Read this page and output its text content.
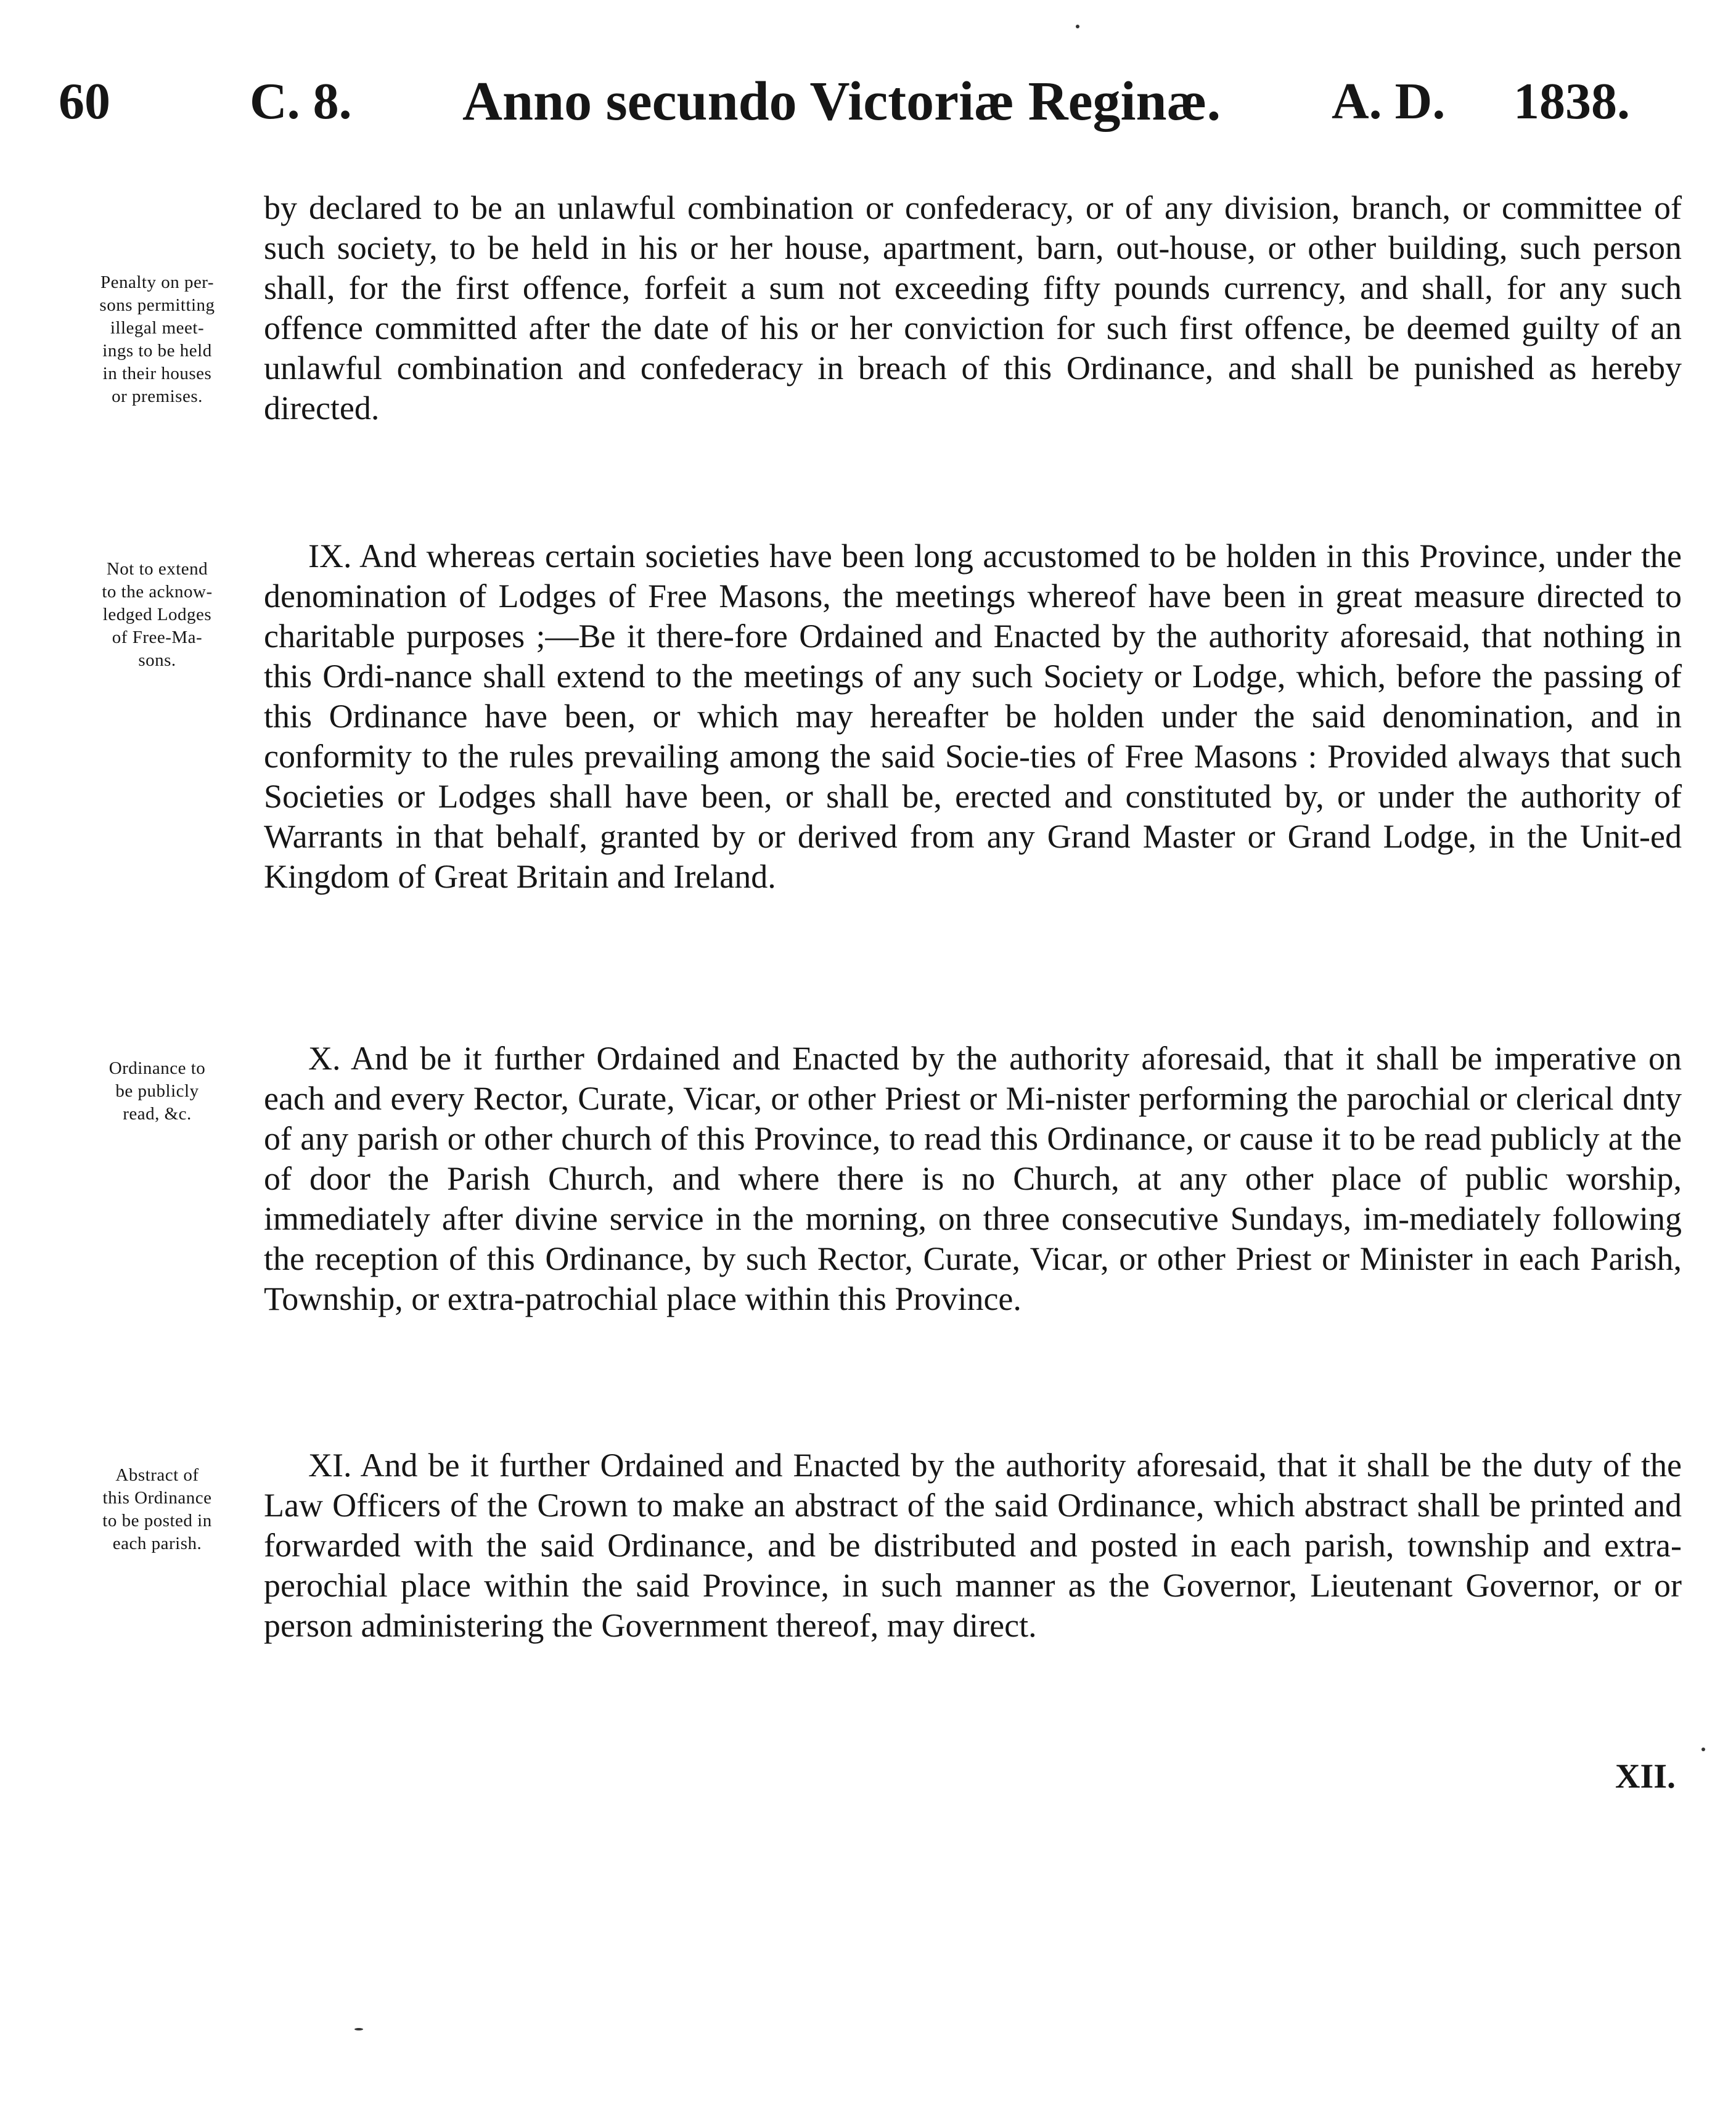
60	C. 8. Anno secundo Victoriæ Reginæ. A. D. 1838.
Penalty on per-
sons permitting
illegal meet-
ings to be held
in their houses
or premises.
Not to extend
to the acknow-
ledged Lodges
of Free-Ma-
sons.
Ordinance to
be publicly
read, &c.
Abstract of
this Ordinance
to be posted in
each parish.
by declared to be an unlawful combination or confederacy, or of any division, branch, or committee of such society, to be held in his or her house, apartment, barn, out-house, or other building, such person shall, for the first offence, forfeit a sum not exceeding fifty pounds currency, and shall, for any such offence committed after the date of his or her conviction for such first offence, be deemed guilty of an unlawful combination and confederacy in breach of this Ordinance, and shall be punished as hereby directed.
IX. And whereas certain societies have been long accustomed to be holden in this Province, under the denomination of Lodges of Free Masons, the meetings whereof have been in great measure directed to charitable purposes ;—Be it there-fore Ordained and Enacted by the authority aforesaid, that nothing in this Ordi-nance shall extend to the meetings of any such Society or Lodge, which, before the passing of this Ordinance have been, or which may hereafter be holden under the said denomination, and in conformity to the rules prevailing among the said Socie-ties of Free Masons : Provided always that such Societies or Lodges shall have been, or shall be, erected and constituted by, or under the authority of Warrants in that behalf, granted by or derived from any Grand Master or Grand Lodge, in the Unit-ed Kingdom of Great Britain and Ireland.
X. And be it further Ordained and Enacted by the authority aforesaid, that it shall be imperative on each and every Rector, Curate, Vicar, or other Priest or Mi-nister performing the parochial or clerical dnty of any parish or other church of this Province, to read this Ordinance, or cause it to be read publicly at the of door the Parish Church, and where there is no Church, at any other place of public worship, immediately after divine service in the morning, on three consecutive Sundays, im-mediately following the reception of this Ordinance, by such Rector, Curate, Vicar, or other Priest or Minister in each Parish, Township, or extra-patrochial place within this Province.
XI. And be it further Ordained and Enacted by the authority aforesaid, that it shall be the duty of the Law Officers of the Crown to make an abstract of the said Ordinance, which abstract shall be printed and forwarded with the said Ordinance, and be distributed and posted in each parish, township and extra-perochial place within the said Province, in such manner as the Governor, Lieutenant Governor, or or person administering the Government thereof, may direct.
XII.
